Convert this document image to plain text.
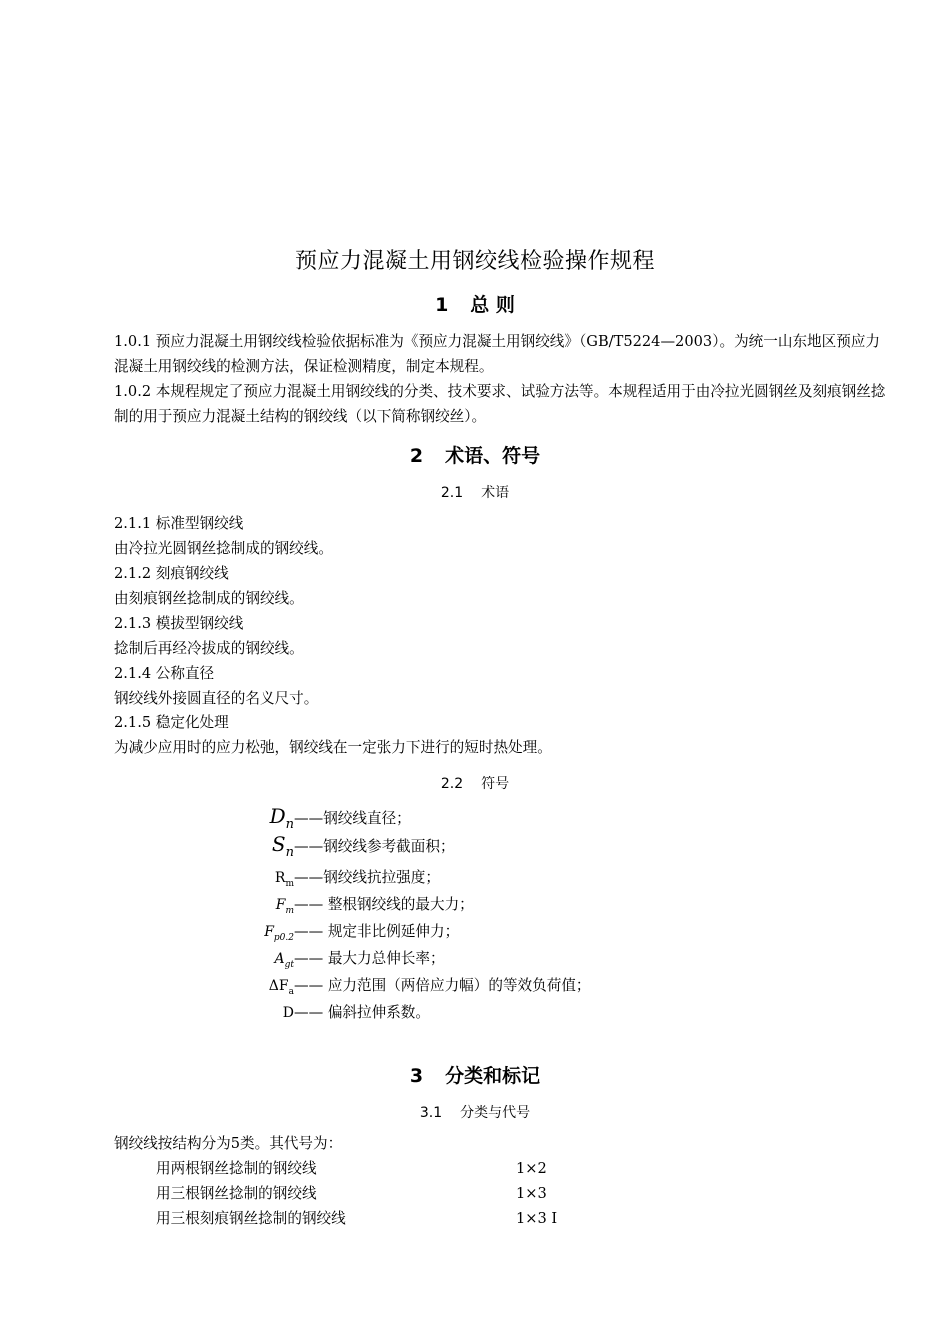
预应力混凝土用钢绞线检验操作规程
1 总 则
1.0.1 预应力混凝土用钢绞线检验依据标准为《预应力混凝土用钢绞线》（GB/T5224—2003）。为统一山东地区预应力混凝土用钢绞线的检测方法，保证检测精度，制定本规程。
1.0.2 本规程规定了预应力混凝土用钢绞线的分类、技术要求、试验方法等。本规程适用于由冷拉光圆钢丝及刻痕钢丝捻制的用于预应力混凝土结构的钢绞线（以下简称钢绞丝）。
2 术语、符号
2.1 术语
2.1.1 标准型钢绞线
由冷拉光圆钢丝捻制成的钢绞线。
2.1.2 刻痕钢绞线
由刻痕钢丝捻制成的钢绞线。
2.1.3 模拔型钢绞线
捻制后再经冷拔成的钢绞线。
2.1.4 公称直径
钢绞线外接圆直径的名义尺寸。
2.1.5 稳定化处理
为减少应用时的应力松弛，钢绞线在一定张力下进行的短时热处理。
2.2 符号
$D_n——$钢绞线直径；
$S_n——$钢绞线参考截面积；
$R_m——$钢绞线抗拉强度；
$F_m——$ 整根钢绞线的最大力；
$F_{p0.2}——$ 规定非比例延伸力；
$A_{gt}——$ 最大力总伸长率；
$\Delta F_a——$ 应力范围（两倍应力幅）的等效负荷值；
D—— 偏斜拉伸系数。
3 分类和标记
3.1 分类与代号
钢绞线按结构分为5类。其代号为：
用两根钢丝捻制的钢绞线	1×2
用三根钢丝捻制的钢绞线	1×3
用三根刻痕钢丝捻制的钢绞线	1×3 I
